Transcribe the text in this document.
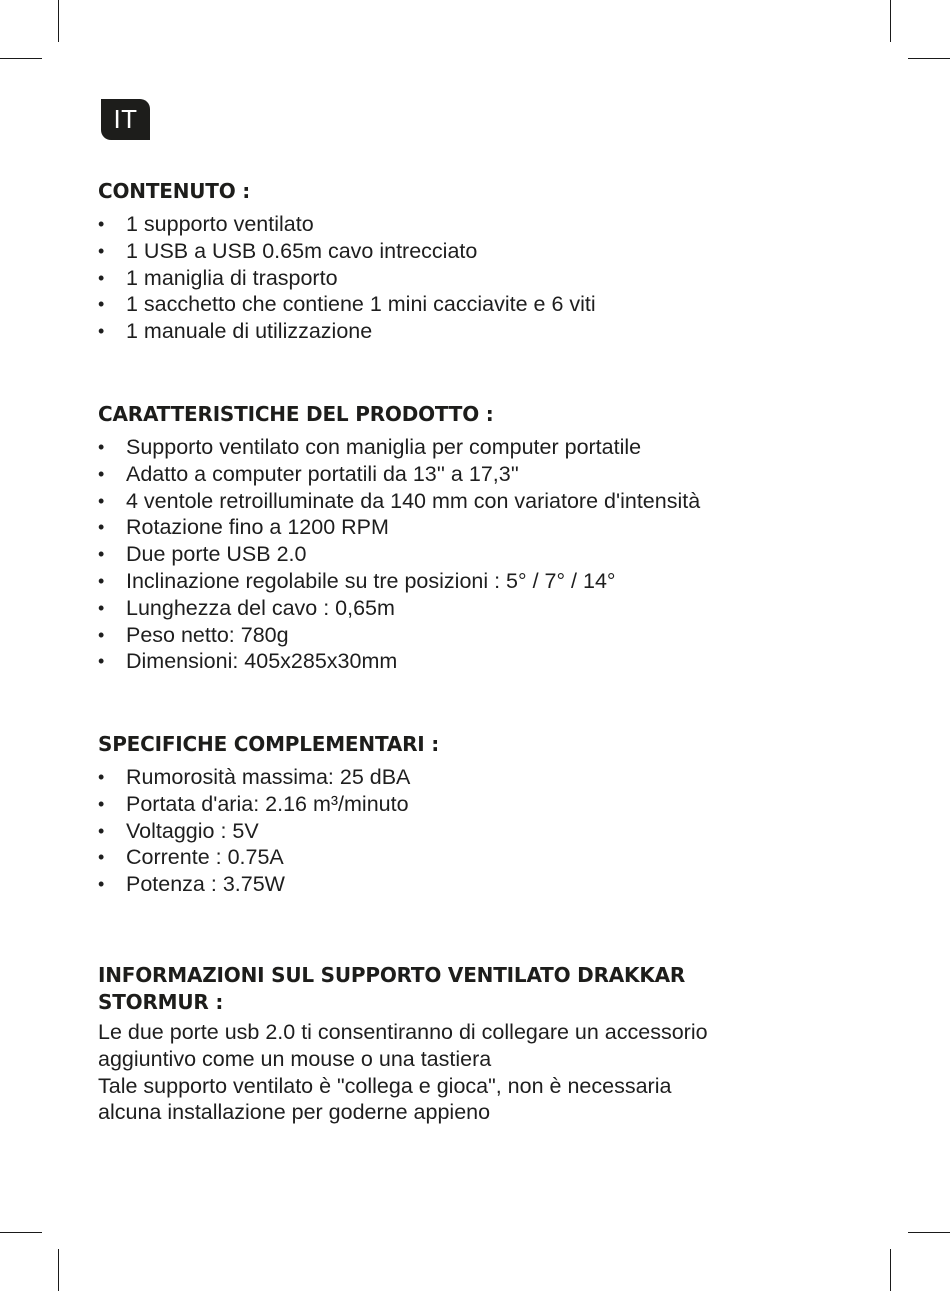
IT
CONTENUTO :
• 1 supporto ventilato
• 1 USB a USB 0.65m cavo intrecciato
• 1 maniglia di trasporto
• 1 sacchetto che contiene 1 mini cacciavite e 6 viti
• 1 manuale di utilizzazione
CARATTERISTICHE DEL PRODOTTO :
• Supporto ventilato con maniglia per computer portatile
• Adatto a computer portatili da 13'' a 17,3''
• 4 ventole retroilluminate da 140 mm con variatore d'intensità
• Rotazione fino a 1200 RPM
• Due porte USB 2.0
• Inclinazione regolabile su tre posizioni : 5° / 7° / 14°
• Lunghezza del cavo : 0,65m
• Peso netto: 780g
• Dimensioni: 405x285x30mm
SPECIFICHE COMPLEMENTARI :
• Rumorosità massima: 25 dBA
• Portata d'aria: 2.16 m³/minuto
• Voltaggio : 5V
• Corrente : 0.75A
• Potenza : 3.75W
INFORMAZIONI SUL SUPPORTO VENTILATO DRAKKAR
STORMUR :
Le due porte usb 2.0 ti consentiranno di collegare un accessorio
aggiuntivo come un mouse o una tastiera
Tale supporto ventilato è "collega e gioca", non è necessaria
alcuna installazione per goderne appieno
